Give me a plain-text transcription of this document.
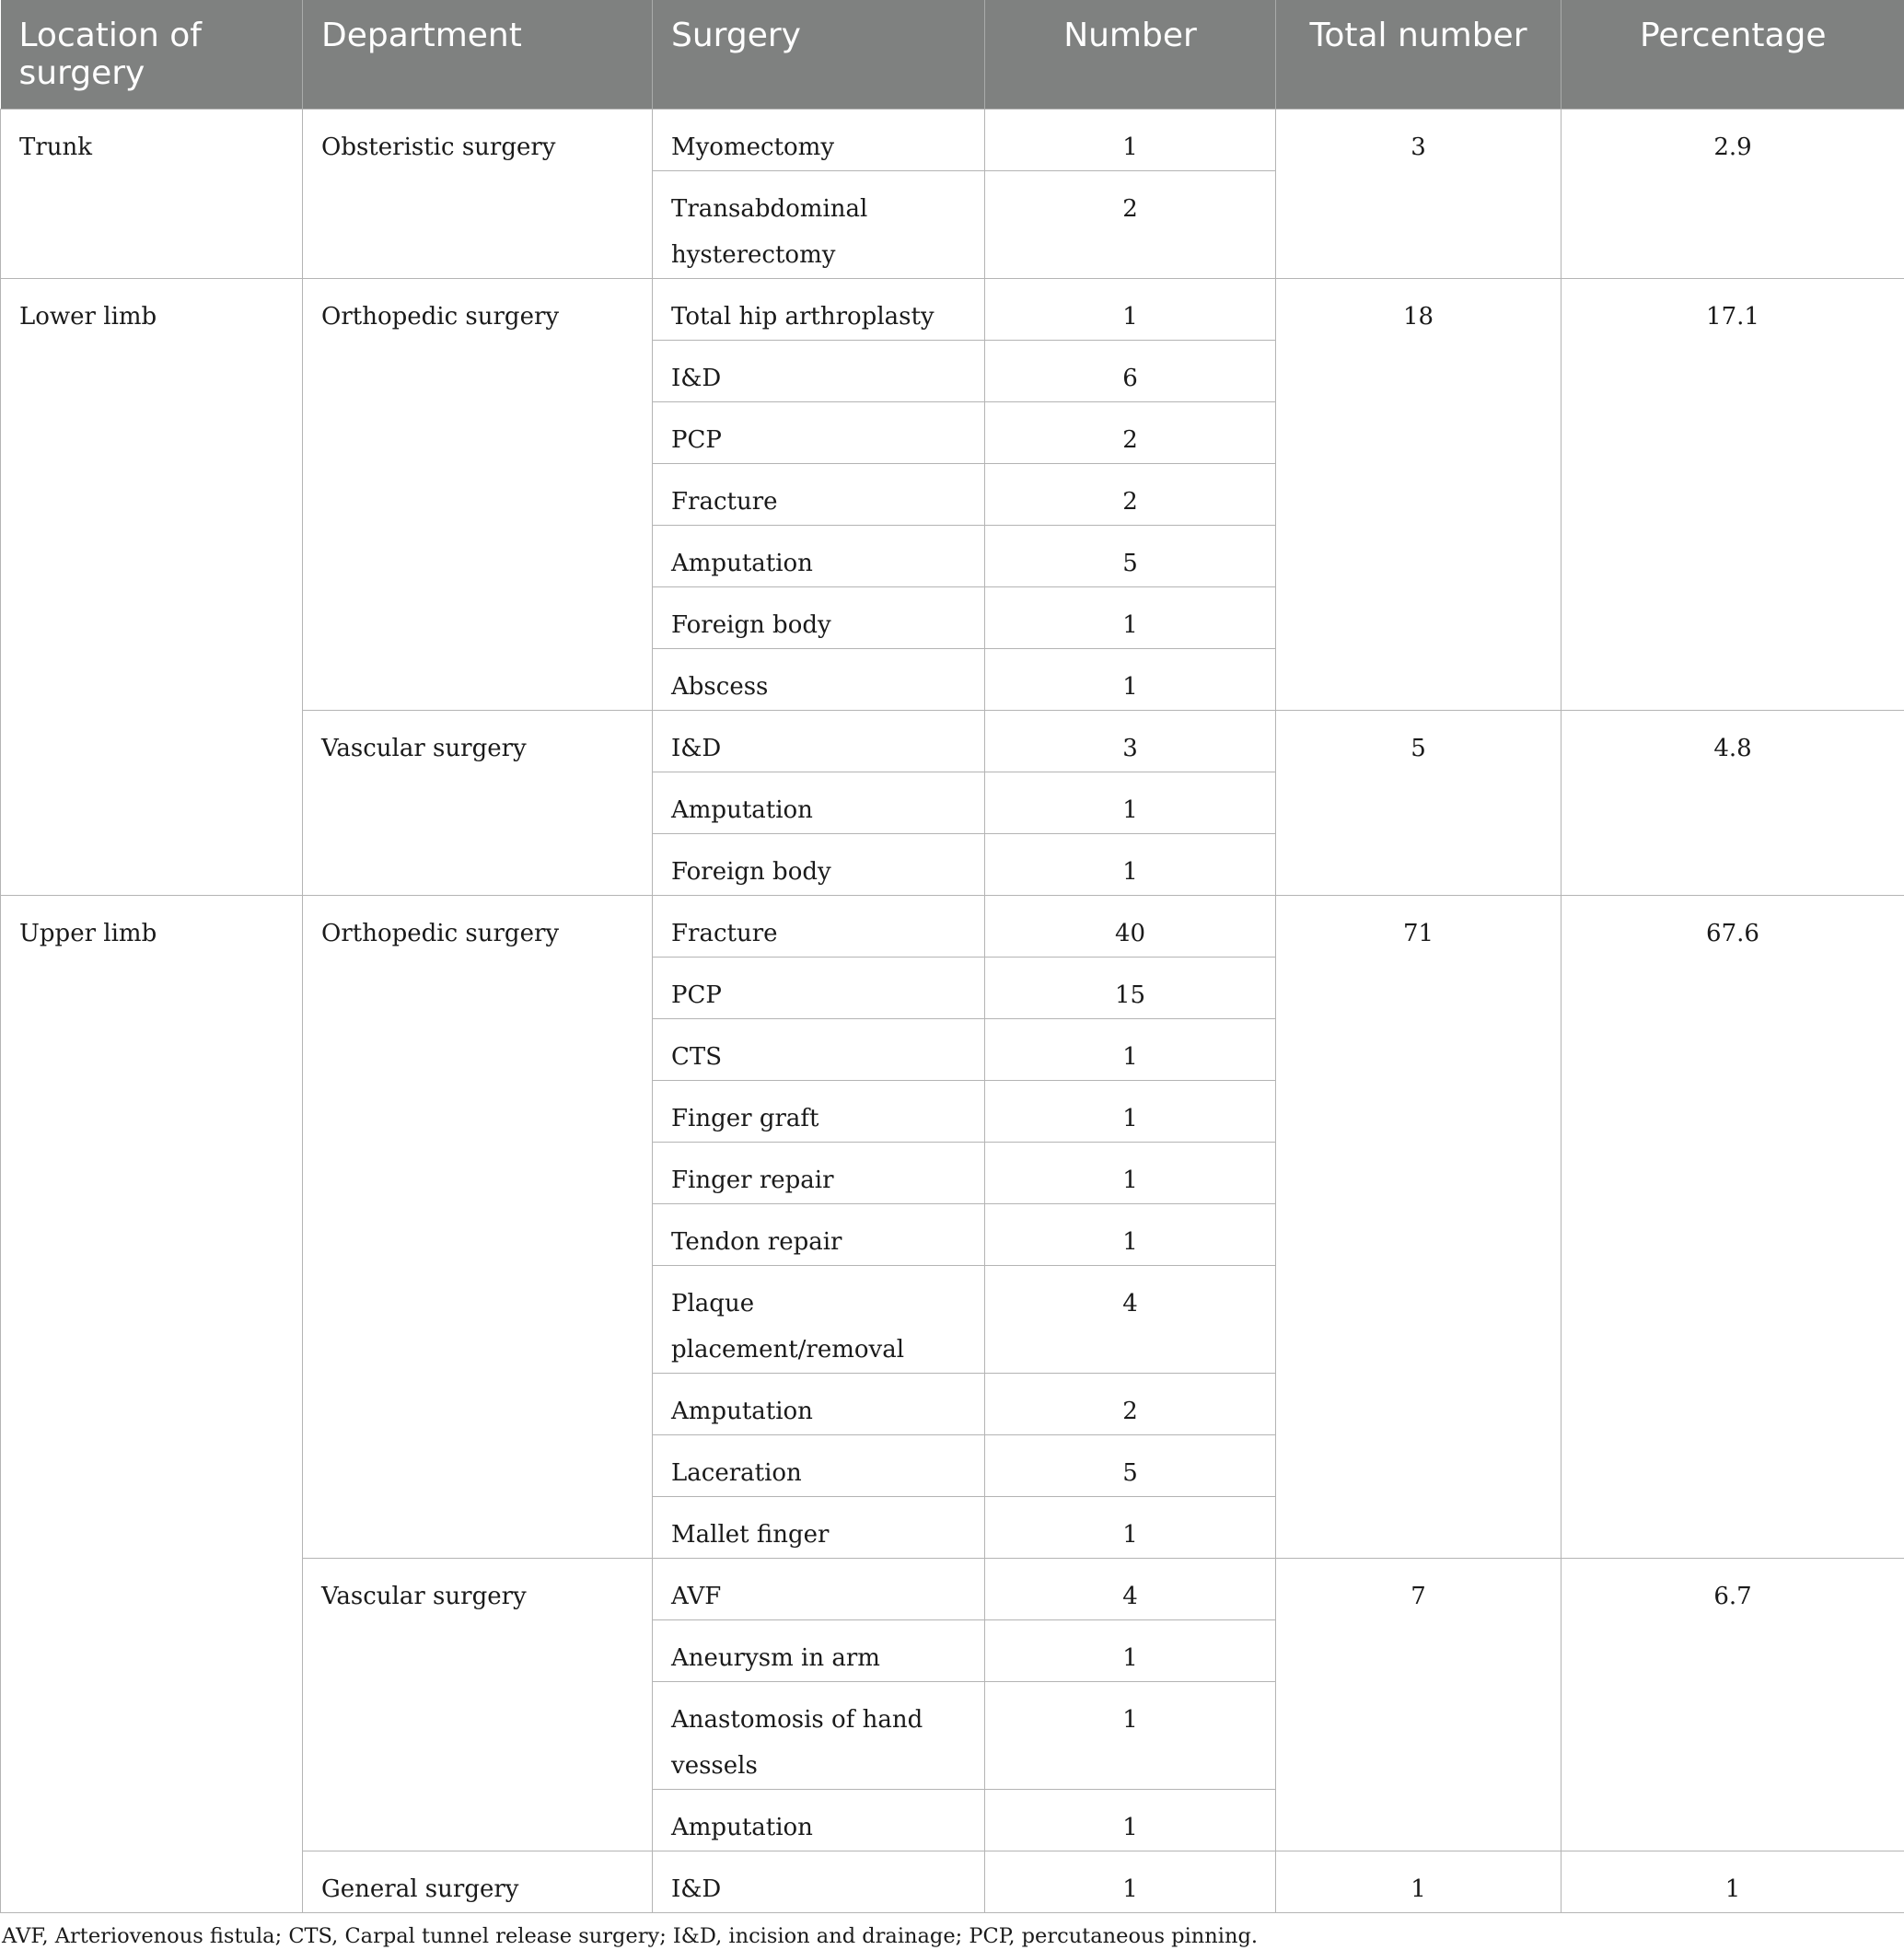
Location of surgery	Department	Surgery	Number	Total number	Percentage
Trunk	Obsteristic surgery	Myomectomy	1	3	2.9
		Transabdominal hysterectomy	2		
Lower limb	Orthopedic surgery	Total hip arthroplasty	1	18	17.1
		I&D	6		
		PCP	2		
		Fracture	2		
		Amputation	5		
		Foreign body	1		
		Abscess	1		
	Vascular surgery	I&D	3	5	4.8
		Amputation	1		
		Foreign body	1		
Upper limb	Orthopedic surgery	Fracture	40	71	67.6
		PCP	15		
		CTS	1		
		Finger graft	1		
		Finger repair	1		
		Tendon repair	1		
		Plaque placement/removal	4		
		Amputation	2		
		Laceration	5		
		Mallet finger	1		
	Vascular surgery	AVF	4	7	6.7
		Aneurysm in arm	1		
		Anastomosis of hand vessels	1		
		Amputation	1		
	General surgery	I&D	1	1	1
AVF, Arteriovenous fistula; CTS, Carpal tunnel release surgery; I&D, incision and drainage; PCP, percutaneous pinning.
